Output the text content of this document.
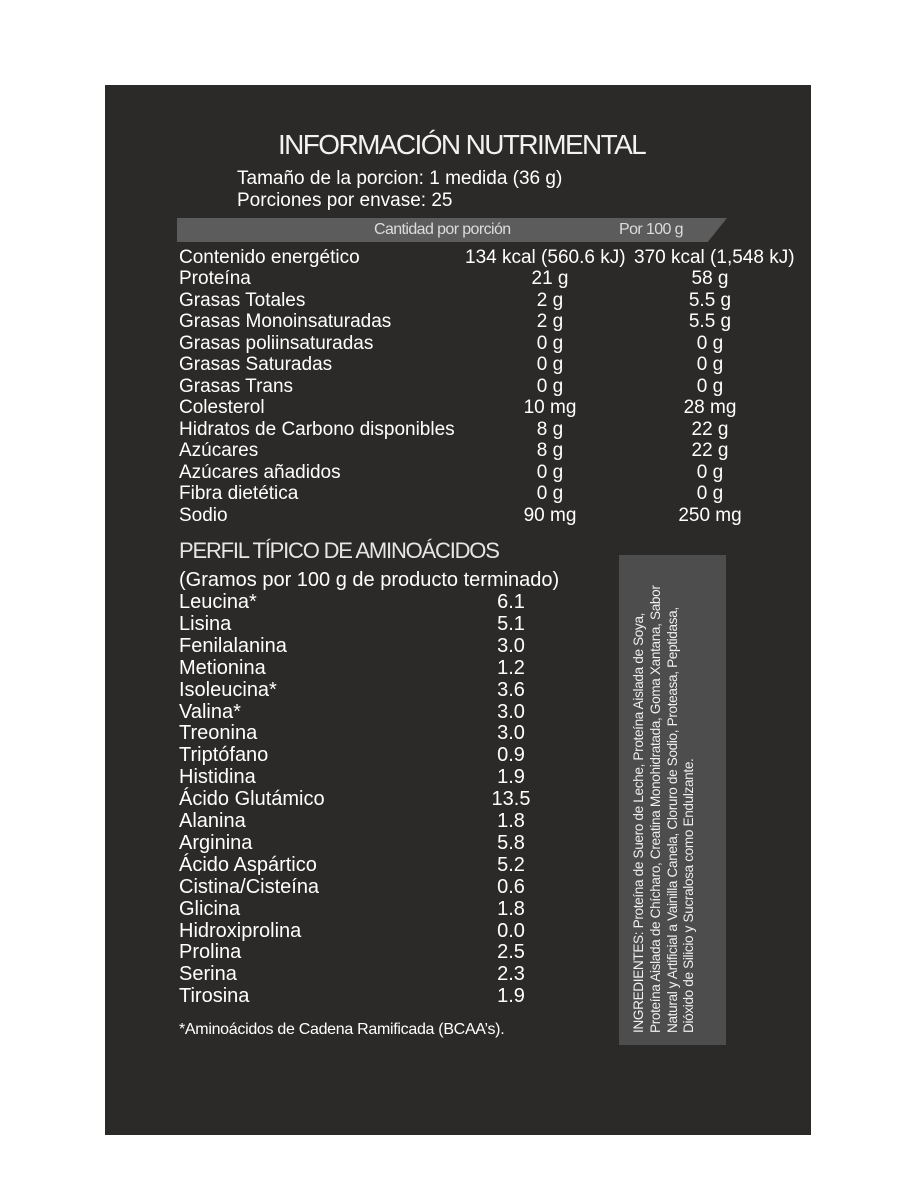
INFORMACIÓN NUTRIMENTAL
Tamaño de la porcion: 1 medida (36 g)
Porciones por envase: 25
Cantidad por porción	Por 100 g
Contenido energético	134 kcal (560.6 kJ) 370 kcal (1,548 kJ)
Proteína	21 g	58 g
Grasas Totales	2 g	5.5 g
Grasas Monoinsaturadas	2 g	5.5 g
Grasas poliinsaturadas	0 g	0 g
Grasas Saturadas	0 g	0 g
Grasas Trans	0 g	0 g
Colesterol	10 mg	28 mg
Hidratos de Carbono disponibles	8 g	22 g
Azúcares	8 g	22 g
Azúcares añadidos	0 g	0 g
Fibra dietética	0 g	0 g
Sodio	90 mg	250 mg
PERFIL TÍPICO DE AMINOÁCIDOS
(Gramos por 100 g de producto terminado)
Leucina*	6.1
Lisina	5.1
Fenilalanina	3.0
Metionina	1.2
Isoleucina*	3.6
Valina*	3.0
Treonina	3.0
Triptófano	0.9
Histidina	1.9
Ácido Glutámico	13.5
Alanina	1.8
Arginina	5.8
Ácido Aspártico	5.2
Cistina/Cisteína	0.6
Glicina	1.8
Hidroxiprolina	0.0
Prolina	2.5
Serina	2.3
Tirosina	1.9
*Aminoácidos de Cadena Ramificada (BCAA’s).	INGREDIENTES: Proteína de Suero de Leche, Proteína Aislada de Soya, Proteína Aislada de Chícharo, Creatina Monohidratada, Goma Xantana, Sabor Natural y Artificial a Vainilla Canela, Cloruro de Sodio, Proteasa, Peptidasa, Dióxido de Silicio y Sucralosa como Endulzante.
